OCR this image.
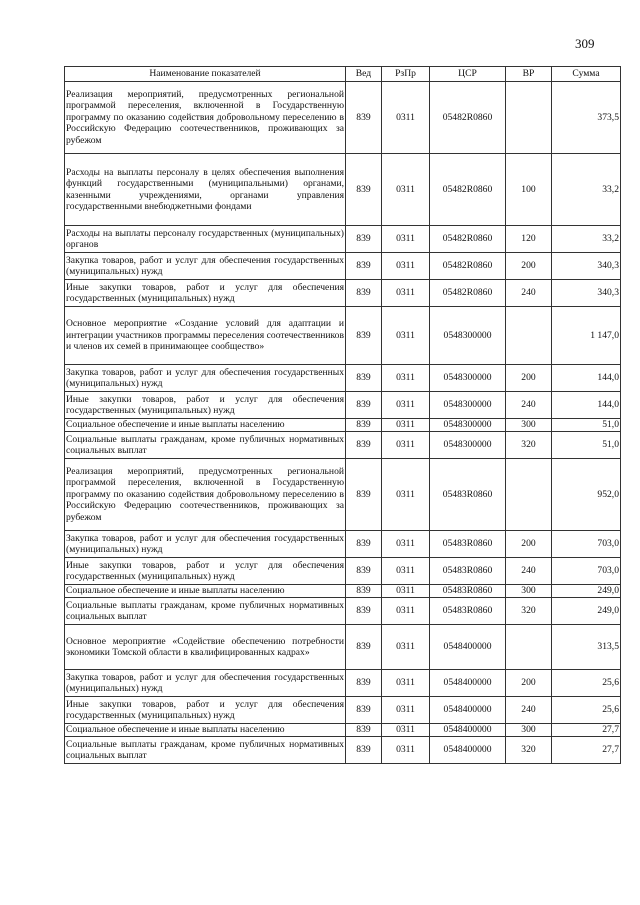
309
Наименование показателей	Вед	РзПр	ЦСР	ВР	Сумма
Реализация мероприятий, предусмотренных региональной программой переселения, включенной в Государственную программу по оказанию содействия добровольному переселению в Российскую Федерацию соотечественников, проживающих за рубежом	839	0311	05482R0860		373,5
Расходы на выплаты персоналу в целях обеспечения выполнения функций государственными (муниципальными) органами, казенными учреждениями, органами управления государственными внебюджетными фондами	839	0311	05482R0860	100	33,2
Расходы на выплаты персоналу государственных (муниципальных) органов	839	0311	05482R0860	120	33,2
Закупка товаров, работ и услуг для обеспечения государственных (муниципальных) нужд	839	0311	05482R0860	200	340,3
Иные закупки товаров, работ и услуг для обеспечения государственных (муниципальных) нужд	839	0311	05482R0860	240	340,3
Основное мероприятие «Создание условий для адаптации и интеграции участников программы переселения соотечественников и членов их семей в принимающее сообщество»	839	0311	0548300000		1 147,0
Закупка товаров, работ и услуг для обеспечения государственных (муниципальных) нужд	839	0311	0548300000	200	144,0
Иные закупки товаров, работ и услуг для обеспечения государственных (муниципальных) нужд	839	0311	0548300000	240	144,0
Социальное обеспечение и иные выплаты населению	839	0311	0548300000	300	51,0
Социальные выплаты гражданам, кроме публичных нормативных социальных выплат	839	0311	0548300000	320	51,0
Реализация мероприятий, предусмотренных региональной программой переселения, включенной в Государственную программу по оказанию содействия добровольному переселению в Российскую Федерацию соотечественников, проживающих за рубежом	839	0311	05483R0860		952,0
Закупка товаров, работ и услуг для обеспечения государственных (муниципальных) нужд	839	0311	05483R0860	200	703,0
Иные закупки товаров, работ и услуг для обеспечения государственных (муниципальных) нужд	839	0311	05483R0860	240	703,0
Социальное обеспечение и иные выплаты населению	839	0311	05483R0860	300	249,0
Социальные выплаты гражданам, кроме публичных нормативных социальных выплат	839	0311	05483R0860	320	249,0
Основное мероприятие «Содействие обеспечению потребности экономики Томской области в квалифицированных кадрах»	839	0311	0548400000		313,5
Закупка товаров, работ и услуг для обеспечения государственных (муниципальных) нужд	839	0311	0548400000	200	25,6
Иные закупки товаров, работ и услуг для обеспечения государственных (муниципальных) нужд	839	0311	0548400000	240	25,6
Социальное обеспечение и иные выплаты населению	839	0311	0548400000	300	27,7
Социальные выплаты гражданам, кроме публичных нормативных социальных выплат	839	0311	0548400000	320	27,7
